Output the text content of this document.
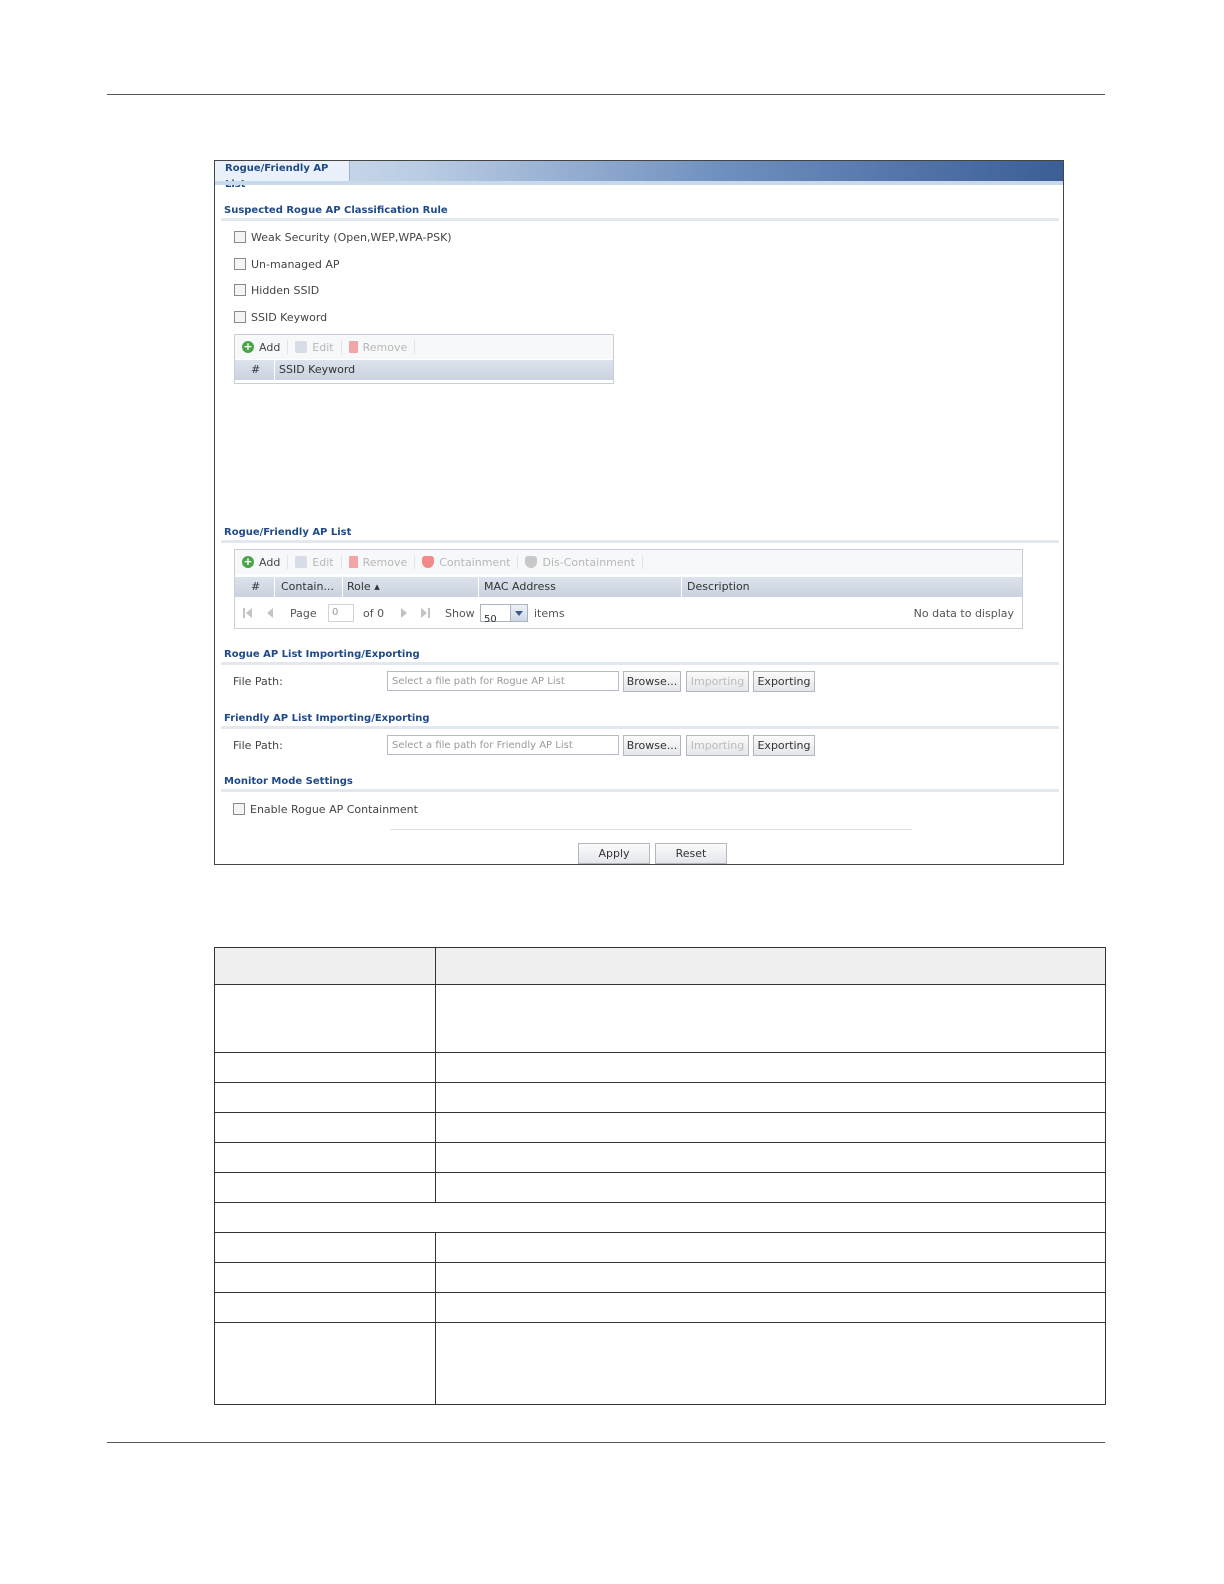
Rogue/Friendly AP
Suspected Rogue AP Classification Rule
Weak Security (Open,WEP,WPA-PSK)
Un-managed AP
Hidden SSID
SSID Keyword
+ Add	Edit	Remove
# SSID Keyword
Rogue/Friendly AP List
+ Add	Edit	Remove	Containment	Dis-Containment
# Contain... Role ▴	MAC Address	Description
Page	0	of 0	Show 50	items	No data to display
Rogue AP List Importing/Exporting
File Path:	Select a file path for Rogue AP List	Browse...	Importing	Exporting
Friendly AP List Importing/Exporting
File Path:	Select a file path for Friendly AP List	Browse...	Importing	Exporting
Monitor Mode Settings
Enable Rogue AP Containment
Apply	Reset
